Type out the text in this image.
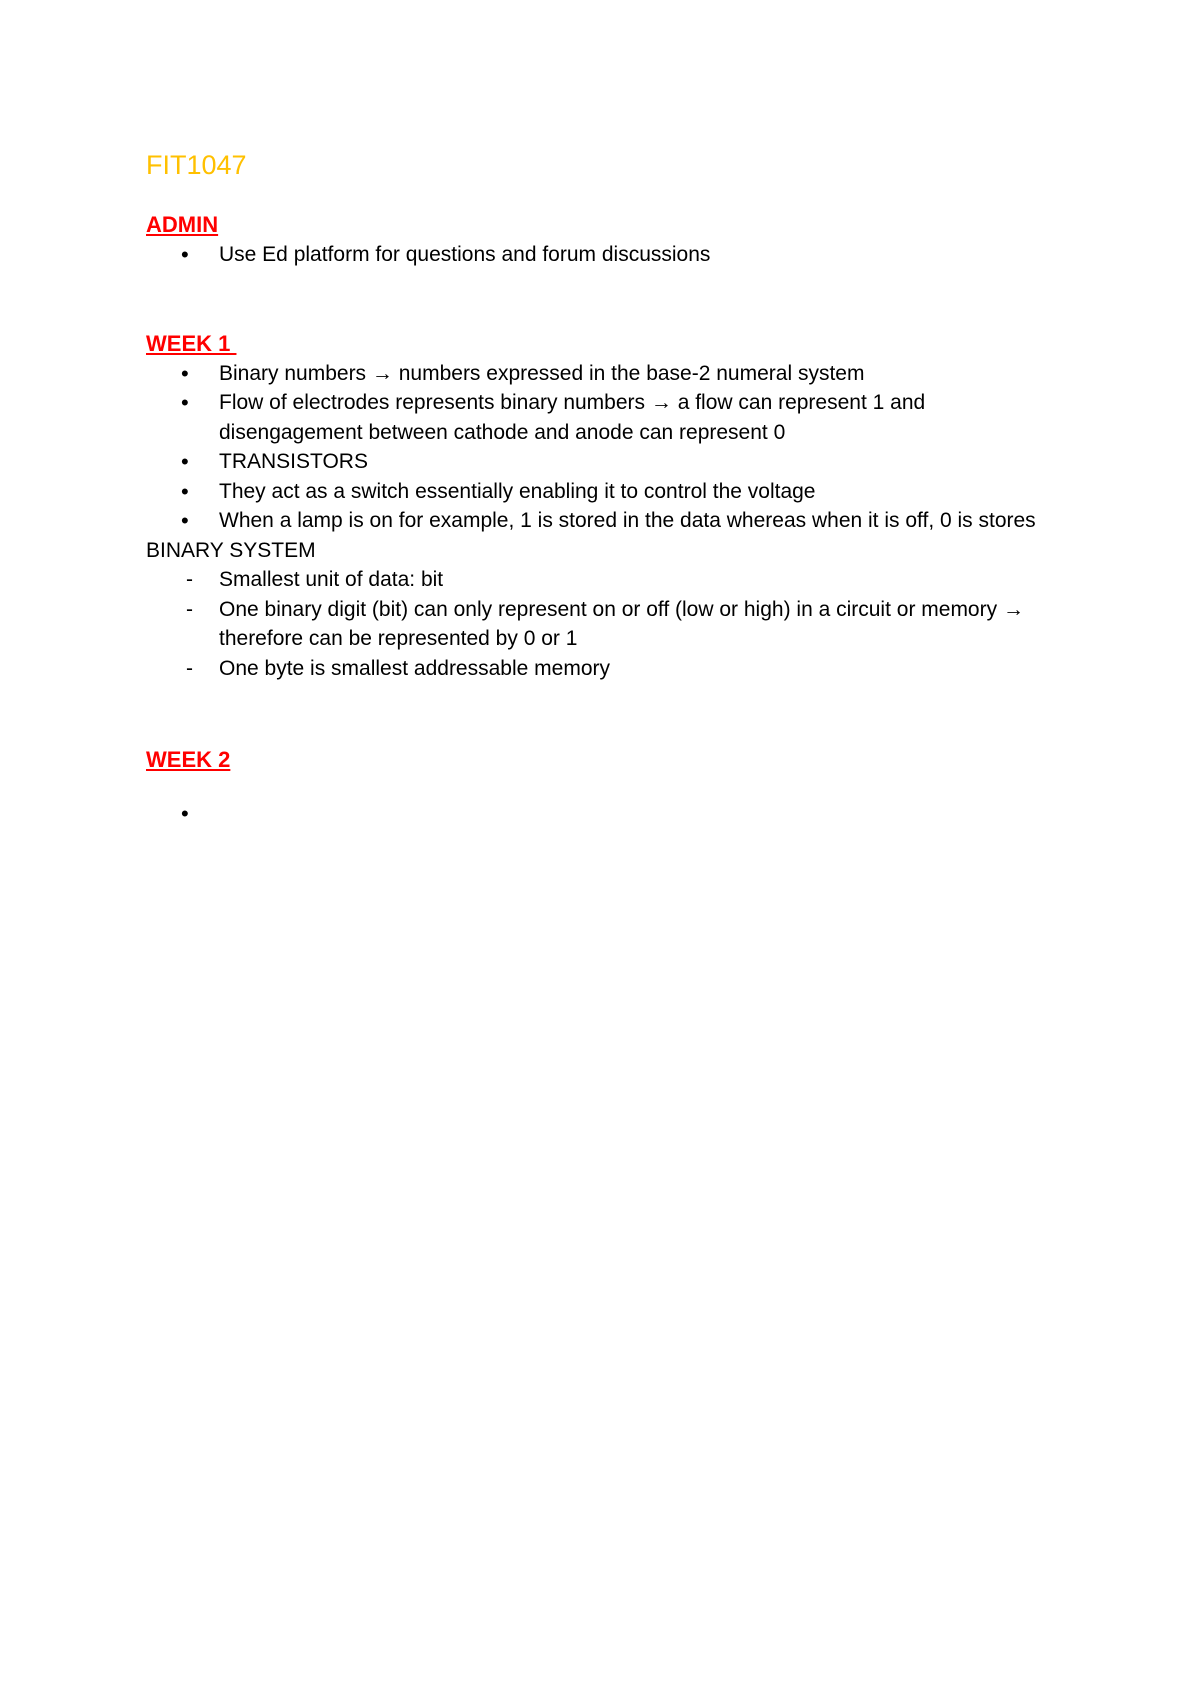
FIT1047
ADMIN
• Use Ed platform for questions and forum discussions
WEEK 1
• Binary numbers → numbers expressed in the base-2 numeral system
• Flow of electrodes represents binary numbers → a flow can represent 1 and disengagement between cathode and anode can represent 0
• TRANSISTORS
• They act as a switch essentially enabling it to control the voltage
• When a lamp is on for example, 1 is stored in the data whereas when it is off, 0 is stores
BINARY SYSTEM
- Smallest unit of data: bit
- One binary digit (bit) can only represent on or off (low or high) in a circuit or memory → therefore can be represented by 0 or 1
- One byte is smallest addressable memory
WEEK 2
•
